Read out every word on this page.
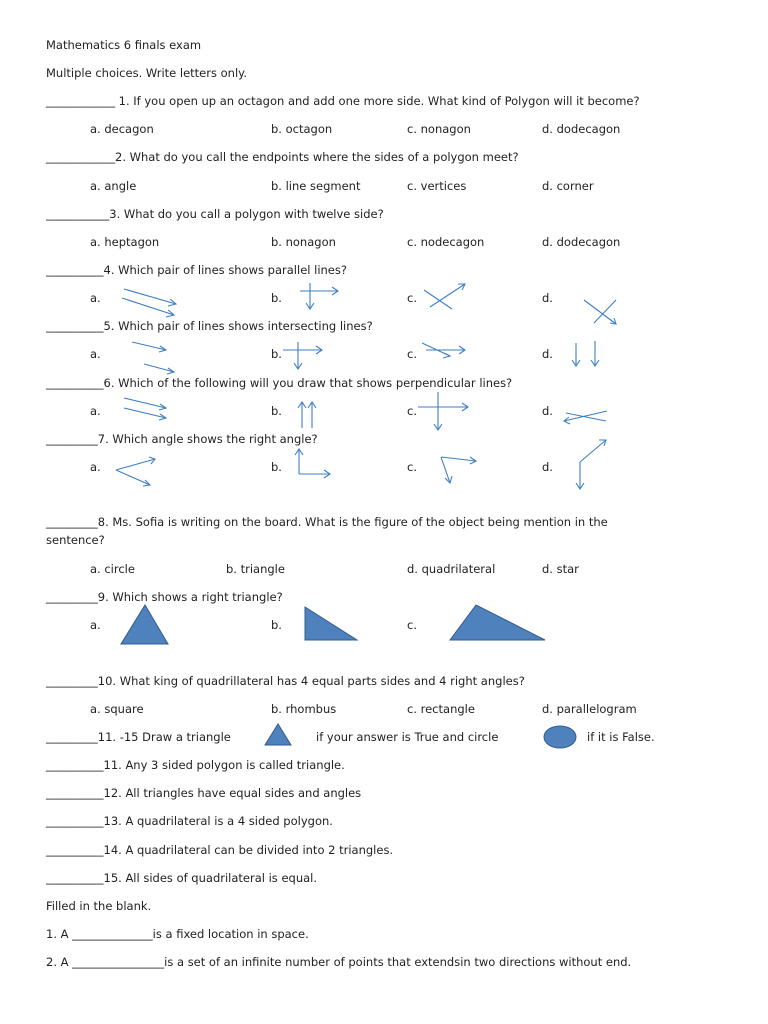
Mathematics 6 finals exam
Multiple choices. Write letters only.
____________ 1. If you open up an octagon and add one more side. What kind of Polygon will it become?
a. decagon	b. octagon	c. nonagon	d. dodecagon
____________2. What do you call the endpoints where the sides of a polygon meet?
a. angle	b. line segment	c. vertices	d. corner
___________3. What do you call a polygon with twelve side?
a. heptagon	b. nonagon	c. nodecagon	d. dodecagon
__________4. Which pair of lines shows parallel lines?
a.	b.	c.	d.
__________5. Which pair of lines shows intersecting lines?
a.	b.	c.	d.
__________6. Which of the following will you draw that shows perpendicular lines?
a.	b.	c.	d.
_________7. Which angle shows the right angle?
a.	b.	c.	d.
_________8. Ms. Sofia is writing on the board. What is the figure of the object being mention in the
sentence?
a. circle	b. triangle	d. quadrilateral	d. star
_________9. Which shows a right triangle?
a.	b.	c.
_________10. What king of quadrillateral has 4 equal parts sides and 4 right angles?
a. square	b. rhombus	c. rectangle	d. parallelogram
_________11. -15 Draw a triangle	if your answer is True and circle	if it is False.
__________11. Any 3 sided polygon is called triangle.
__________12. All triangles have equal sides and angles
__________13. A quadrilateral is a 4 sided polygon.
__________14. A quadrilateral can be divided into 2 triangles.
__________15. All sides of quadrilateral is equal.
Filled in the blank.
1. A ______________is a fixed location in space.
2. A ________________is a set of an infinite number of points that extendsin two directions without end.
